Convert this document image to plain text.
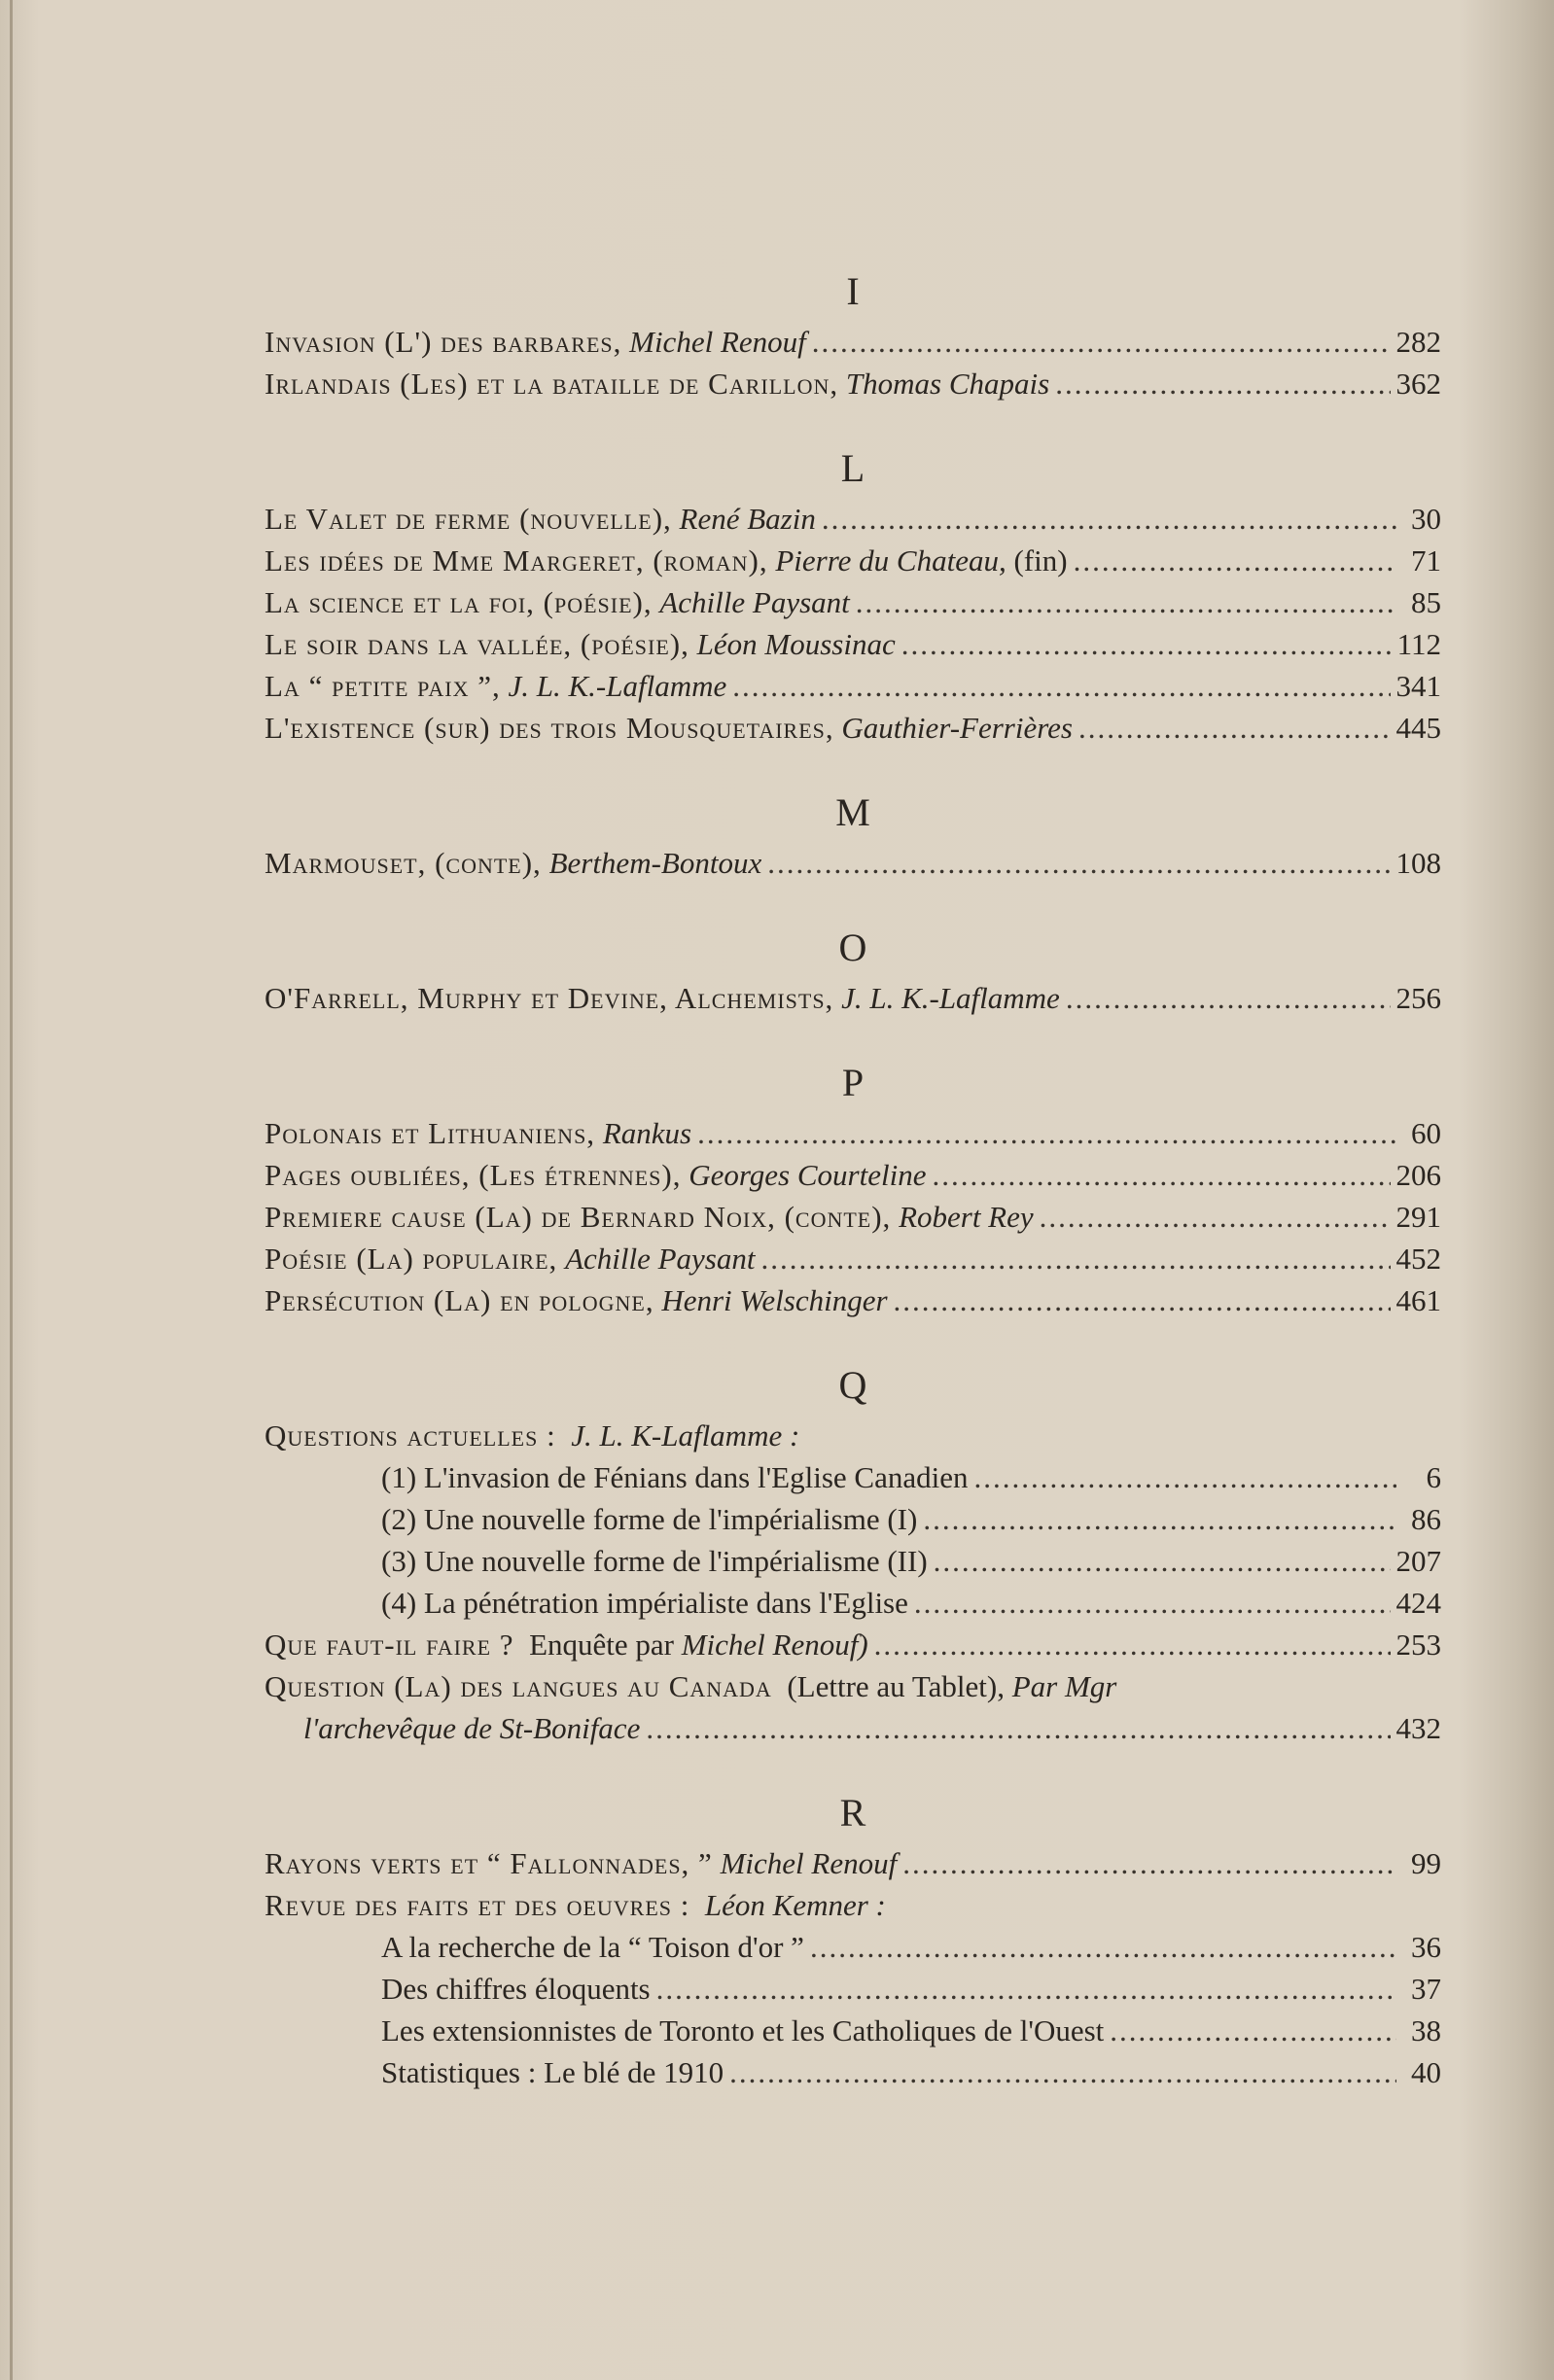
I
Invasion (L') des barbares, Michel Renouf .....	282
Irlandais (Les) et la bataille de Carillon, Thomas Chapais .....	362
L
Le Valet de ferme (nouvelle), René Bazin .....	30
Les idées de Mme Margeret, (roman), Pierre du Chateau, (fin) .....	71
La science et la foi, (poésie), Achille Paysant .....	85
Le soir dans la vallée, (poésie), Léon Moussinac .....	112
La “ petite paix ”, J. L. K.-Laflamme .....	341
L'existence (sur) des trois Mousquetaires, Gauthier-Ferrières .....	445
M
Marmouset, (conte), Berthem-Bontoux .....	108
O
O'Farrell, Murphy et Devine, Alchemists, J. L. K.-Laflamme .....	256
P
Polonais et Lithuaniens, Rankus .....	60
Pages oubliées, (Les étrennes), Georges Courteline .....	206
Premiere cause (La) de Bernard Noix, (conte), Robert Rey .....	291
Poésie (La) populaire, Achille Paysant .....	452
Persécution (La) en pologne, Henri Welschinger .....	461
Q
Questions actuelles : J. L. K-Laflamme :
(1) L'invasion de Fénians dans l'Eglise Canadien .....	6
(2) Une nouvelle forme de l'impérialisme (I) .....	86
(3) Une nouvelle forme de l'impérialisme (II) .....	207
(4) La pénétration impérialiste dans l'Eglise .....	424
Que faut-il faire ? Enquête par Michel Renouf) .....	253
Question (La) des langues au Canada (Lettre au Tablet), Par Mgr
l'archevêque de St-Boniface .....	432
R
Rayons verts et “ Fallonnades, ” Michel Renouf .....	99
Revue des faits et des oeuvres : Léon Kemner :
A la recherche de la “ Toison d'or ” .....	36
Des chiffres éloquents .....	37
Les extensionnistes de Toronto et les Catholiques de l'Ouest .....	38
Statistiques : Le blé de 1910 .....	40
